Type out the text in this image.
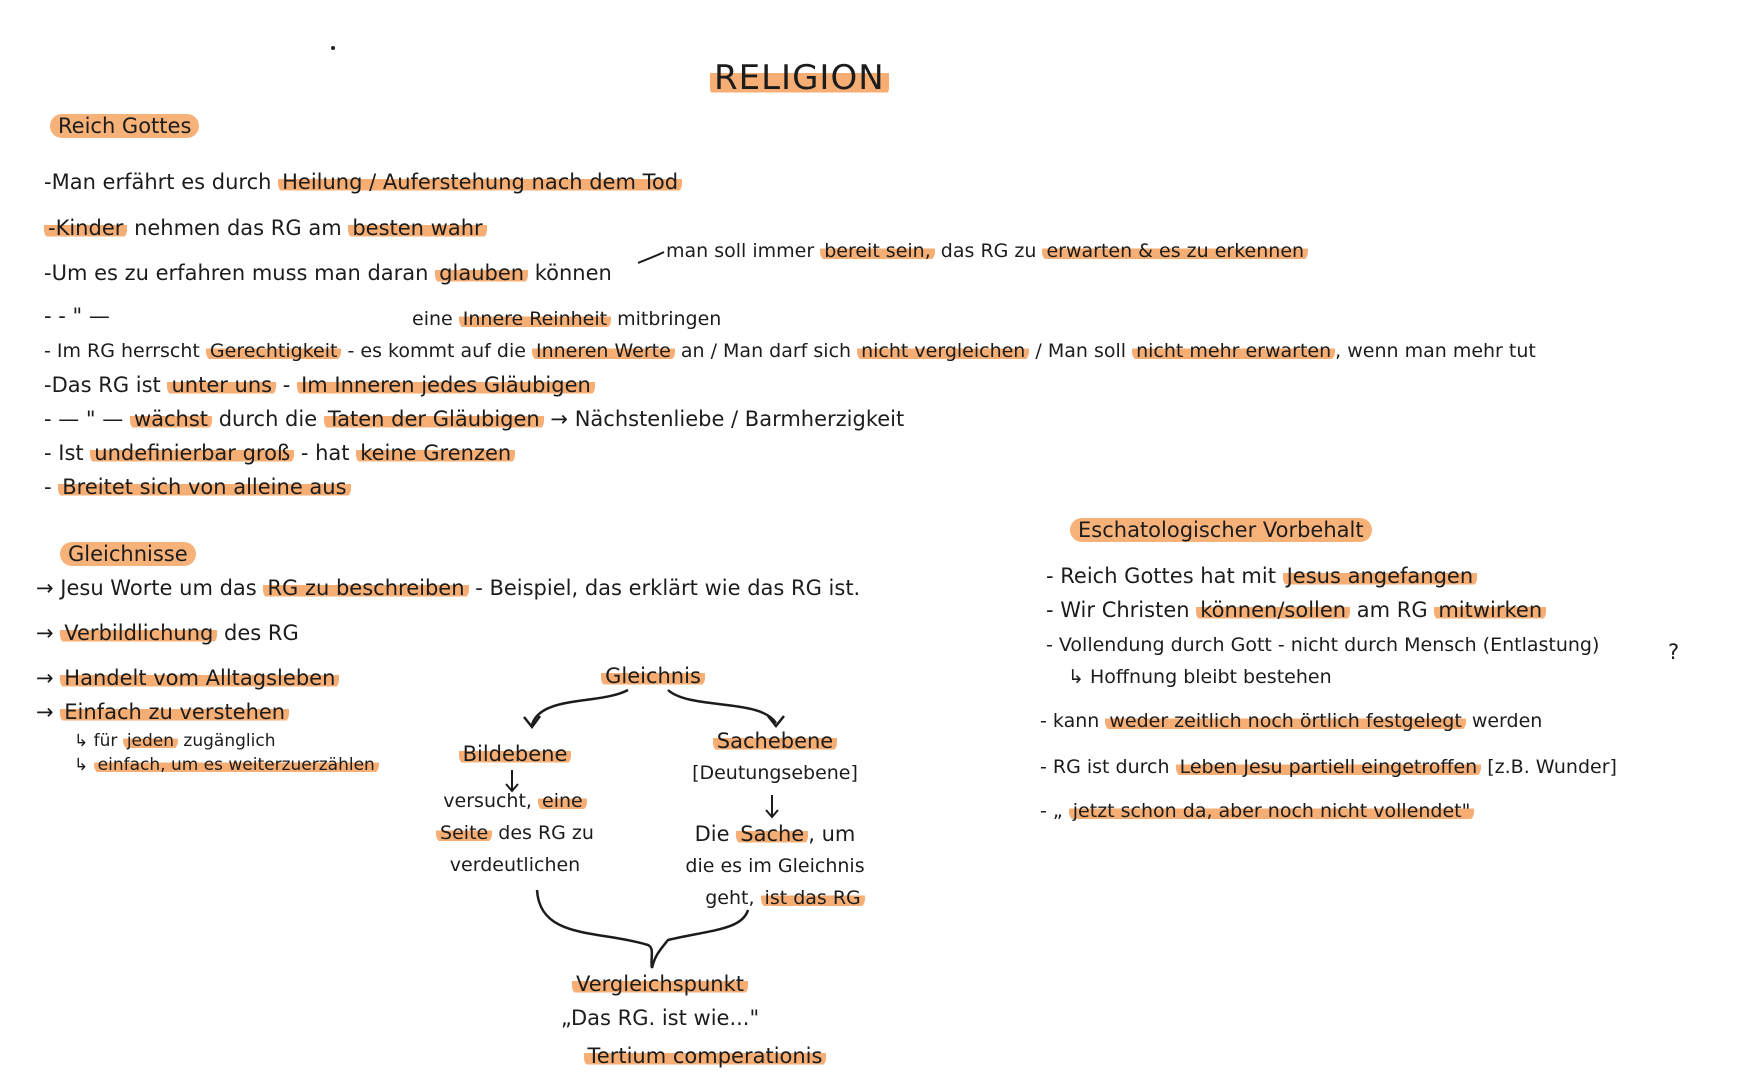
RELIGION
Reich Gottes
-Man erfährt es durch Heilung / Auferstehung nach dem Tod
-Kinder nehmen das RG am besten wahr
-Um es zu erfahren muss man daran glauben können
man soll immer bereit sein, das RG zu erwarten & es zu erkennen
- - " —	eine Innere Reinheit mitbringen
- Im RG herrscht Gerechtigkeit - es kommt auf die Inneren Werte an / Man darf sich nicht vergleichen / Man soll nicht mehr erwarten , wenn man mehr tut
-Das RG ist unter uns - Im Inneren jedes Gläubigen
- — " — wächst durch die Taten der Gläubigen → Nächstenliebe / Barmherzigkeit
- Ist undefinierbar groß - hat keine Grenzen
- Breitet sich von alleine aus
Gleichnisse
→ Jesu Worte um das RG zu beschreiben - Beispiel, das erklärt wie das RG ist.
→ Verbildlichung des RG
→ Handelt vom Alltagsleben
→ Einfach zu verstehen
↳ für jeden zugänglich
↳ einfach, um es weiterzuerzählen
Gleichnis
Bildebene
versucht, eine
Seite des RG zu
verdeutlichen
Sachebene
[Deutungsebene]
Die Sache , um
die es im Gleichnis
geht, ist das RG
Vergleichspunkt
„Das RG. ist wie..."
Tertium comperationis
Eschatologischer Vorbehalt
- Reich Gottes hat mit Jesus angefangen
- Wir Christen können/sollen am RG mitwirken
- Vollendung durch Gott - nicht durch Mensch (Entlastung)	?
↳ Hoffnung bleibt bestehen
- kann weder zeitlich noch örtlich festgelegt werden
- RG ist durch Leben Jesu partiell eingetroffen [z.B. Wunder]
- „ jetzt schon da, aber noch nicht vollendet"
